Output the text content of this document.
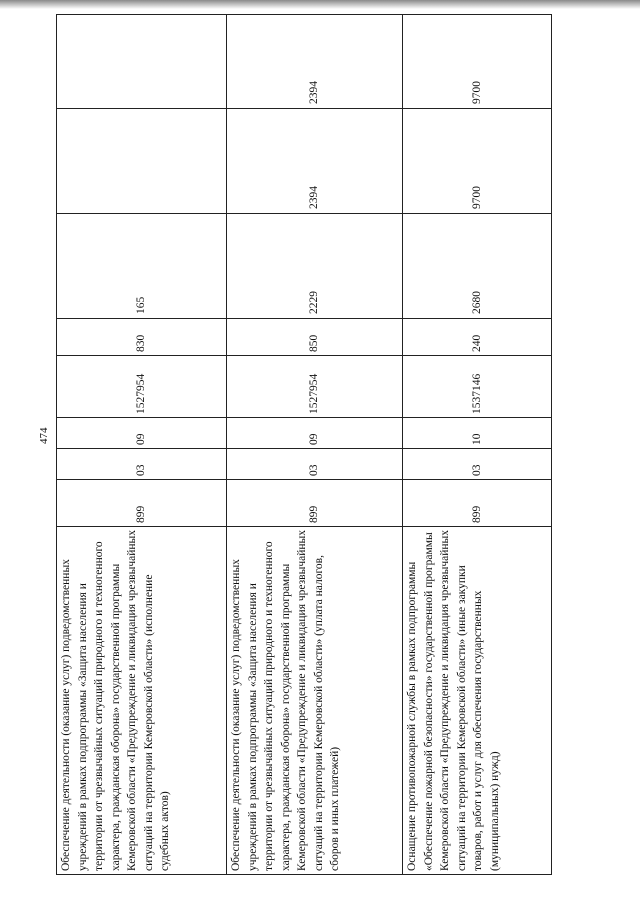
474
Обеспечение деятельности (оказание услуг) подведомственных учреждений в рамках подпрограммы «Защита населения и территории от чрезвычайных ситуаций природного и техногенного характера, гражданская оборона» государственной программы Кемеровской области «Предупреждение и ликвидация чрезвычайных ситуаций на территории Кемеровской области» (исполнение судебных актов)	899	03	09	1527954	830	165		
Обеспечение деятельности (оказание услуг) подведомственных учреждений в рамках подпрограммы «Защита населения и территории от чрезвычайных ситуаций природного и техногенного характера, гражданская оборона» государственной программы Кемеровской области «Предупреждение и ликвидация чрезвычайных ситуаций на территории Кемеровской области» (уплата налогов, сборов и иных платежей)	899	03	09	1527954	850	2229	2394	2394
Оснащение противопожарной службы в рамках подпрограммы «Обеспечение пожарной безопасности» государственной программы Кемеровской области «Предупреждение и ликвидация чрезвычайных ситуаций на территории Кемеровской области» (иные закупки товаров, работ и услуг для обеспечения государственных (муниципальных) нужд)	899	03	10	1537146	240	2680	9700	9700
